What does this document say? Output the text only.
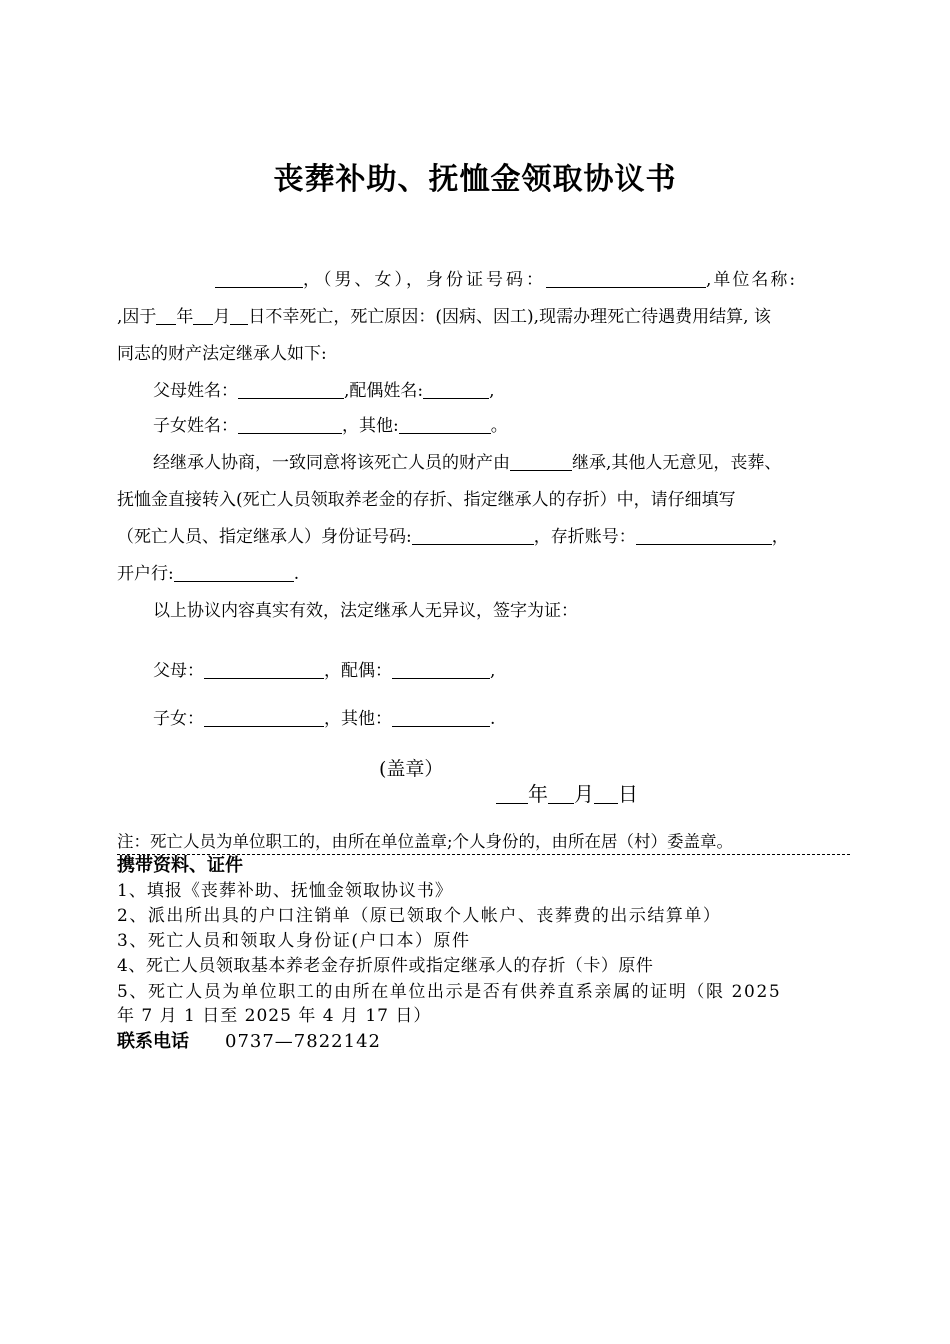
丧葬补助、抚恤金领取协议书
，（男、女），身份证号码：	,单位名称:
,因于 年 月 日不幸死亡，死亡原因：(因病、因工),现需办理死亡待遇费用结算, 该
同志的财产法定继承人如下:
父母姓名：	,配偶姓名:	,
子女姓名：	，其他:	。
经继承人协商，一致同意将该死亡人员的财产由	继承,其他人无意见，丧葬、
抚恤金直接转入(死亡人员领取养老金的存折、指定继承人的存折）中，请仔细填写
（死亡人员、指定继承人）身份证号码:	，存折账号：	，
开户行:	.
以上协议内容真实有效，法定继承人无异议，签字为证：
父母：	，配偶：	,
子女：	，其他：	.
(盖章）
年 月 日
注：死亡人员为单位职工的，由所在单位盖章;个人身份的，由所在居（村）委盖章。
携带资料、证件
1、填报《丧葬补助、抚恤金领取协议书》
2、派出所出具的户口注销单（原已领取个人帐户、丧葬费的出示结算单）
3、死亡人员和领取人身份证(户口本）原件
4、死亡人员领取基本养老金存折原件或指定继承人的存折（卡）原件
5、死亡人员为单位职工的由所在单位出示是否有供养直系亲属的证明（限 2025
年 7 月 1 日至 2025 年 4 月 17 日）
联系电话 0737—7822142
